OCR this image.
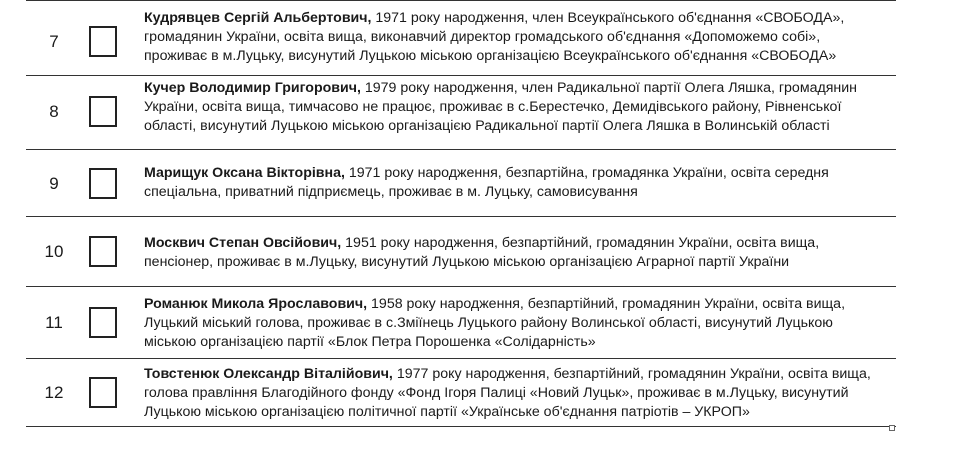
7
Кудрявцев Сергій Альбертович, 1971 року народження, член Всеукраїнського об'єднання «СВОБОДА», громадянин України, освіта вища, виконавчий директор громадського об'єднання «Допоможемо собі», проживає в м.Луцьку, висунутий Луцькою міською організацією Всеукраїнського об'єднання «СВОБОДА»
8
Кучер Володимир Григорович, 1979 року народження, член Радикальної партії Олега Ляшка, громадянин України, освіта вища, тимчасово не працює, проживає в с.Берестечко, Демидівського району, Рівненської області, висунутий Луцькою міською організацією Радикальної партії Олега Ляшка в Волинській області
9
Марищук Оксана Вікторівна, 1971 року народження, безпартійна, громадянка України, освіта середня спеціальна, приватний підприємець, проживає в м. Луцьку, самовисування
10	Москвич Степан Овсійович, 1951 року народження, безпартійний, громадянин України, освіта вища, пенсіонер, проживає в м.Луцьку, висунутий Луцькою міською організацією Аграрної партії України
11
Романюк Микола Ярославович, 1958 року народження, безпартійний, громадянин України, освіта вища, Луцький міський голова, проживає в с.Зміїнець Луцького району Волинської області, висунутий Луцькою міською організацією партії «Блок Петра Порошенка «Солідарність»
12
Товстенюк Олександр Віталійович, 1977 року народження, безпартійний, громадянин України, освіта вища, голова правління Благодійного фонду «Фонд Ігоря Палиці «Новий Луцьк», проживає в м.Луцьку, висунутий Луцькою міською організацією політичної партії «Українське об'єднання патріотів – УКРОП»
